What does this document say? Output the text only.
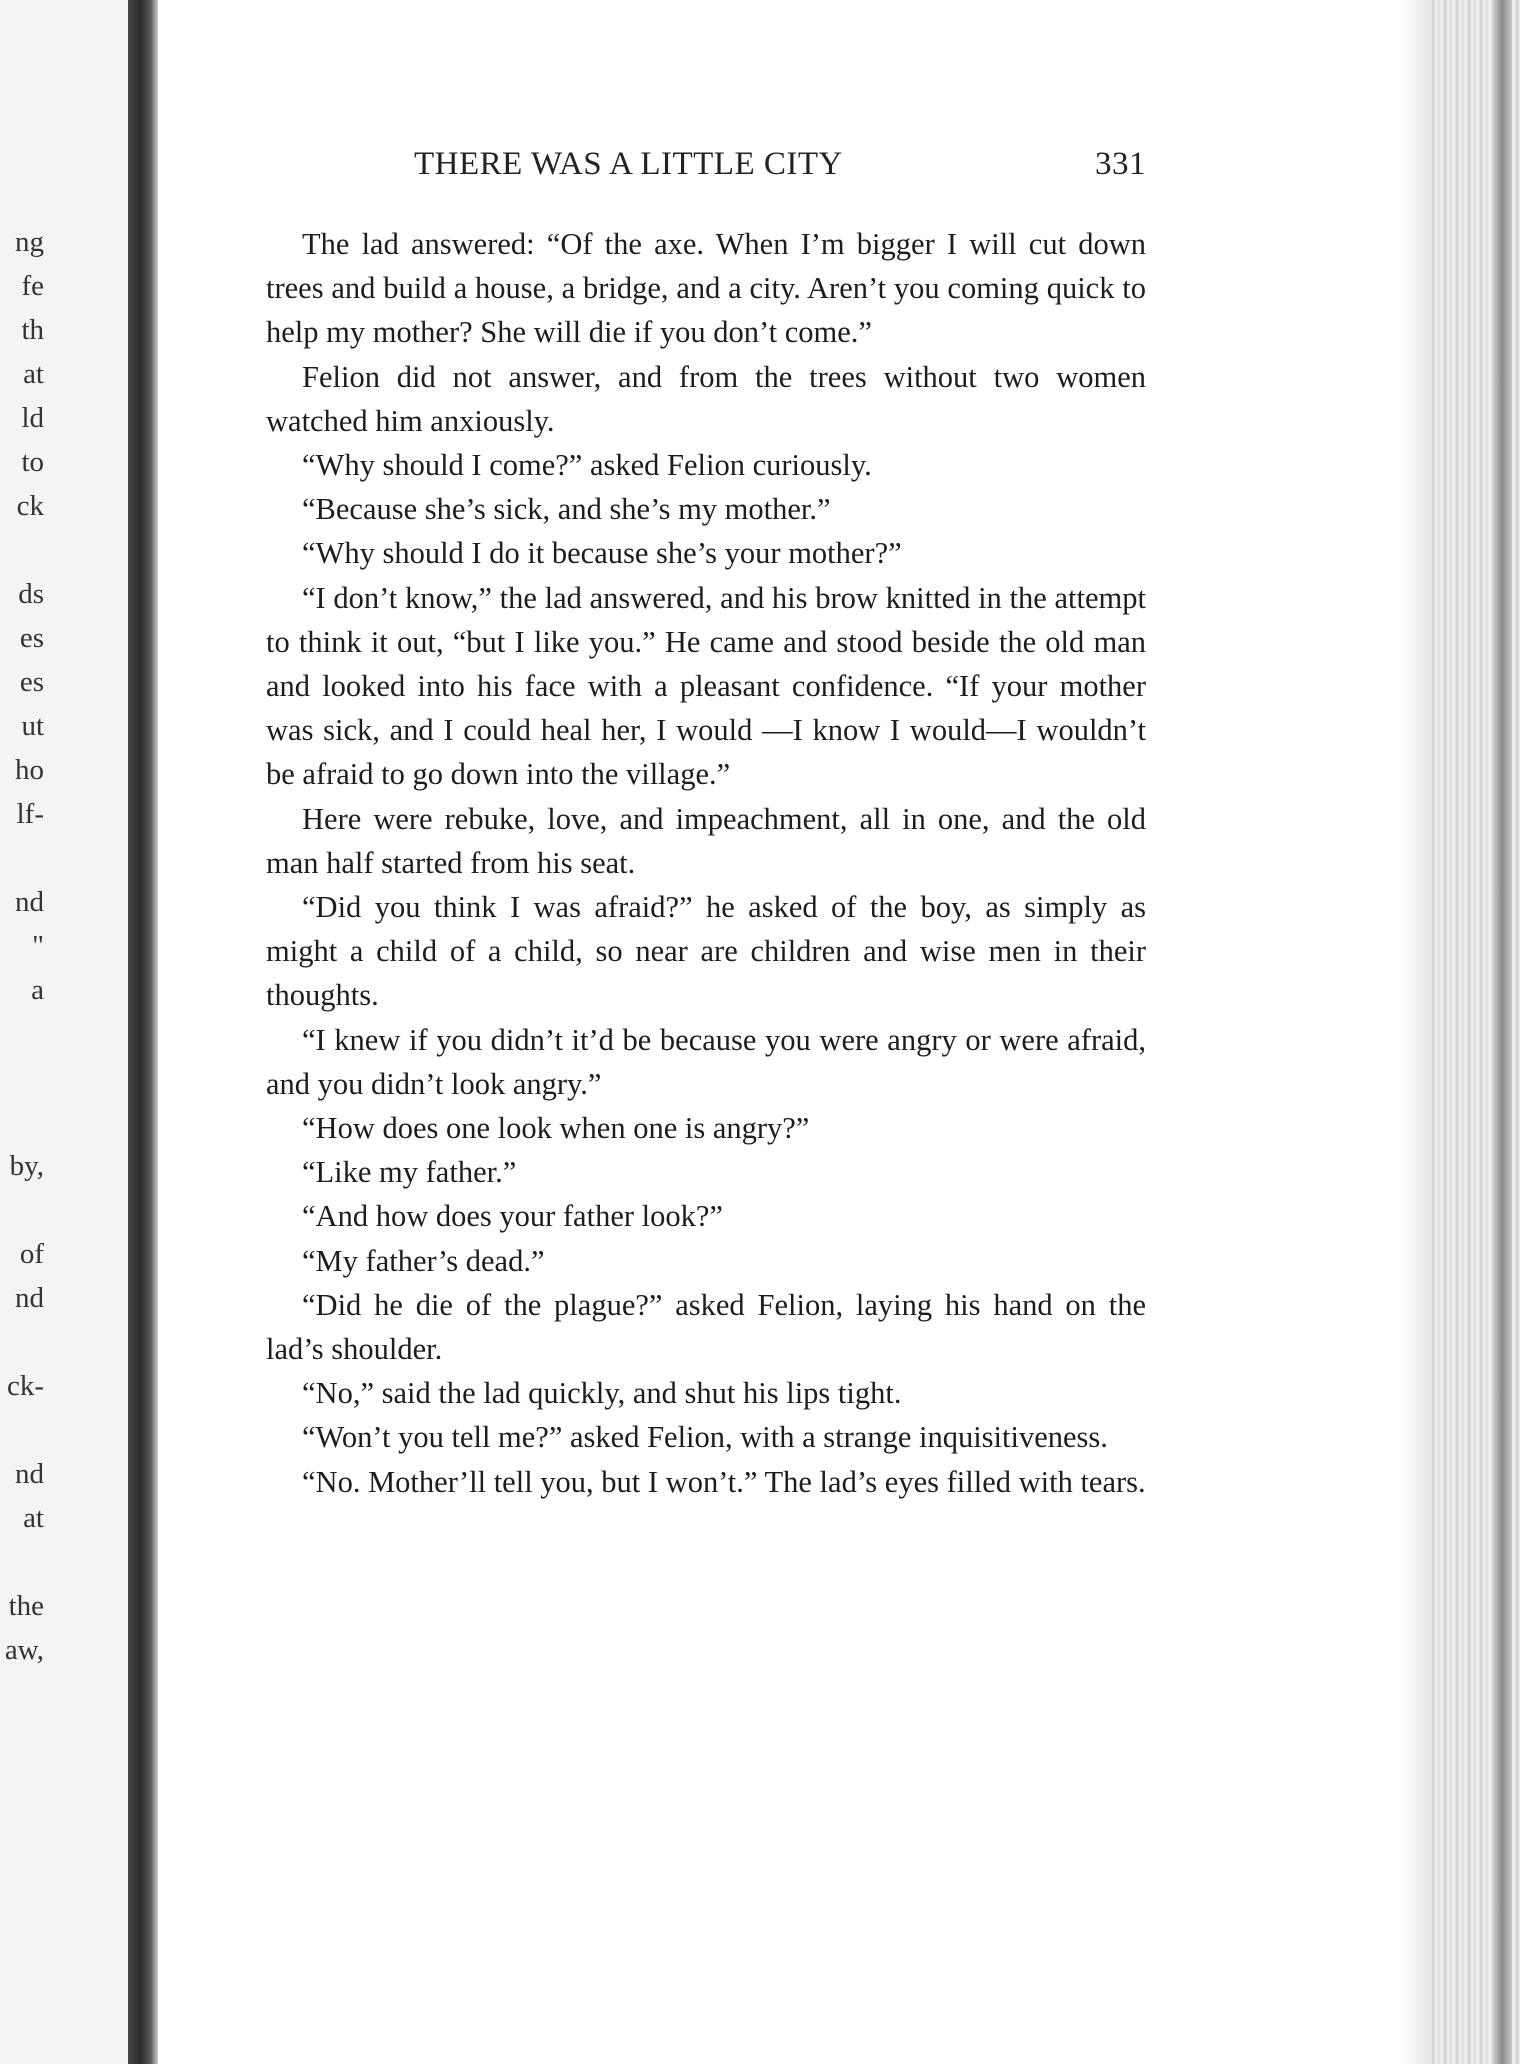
ng
fe
th
at
ld
to
ck
ds
es
es
ut
ho
lf-
nd
"
a
by,
of
nd
ck-
nd
at
the
aw,
THERE WAS A LITTLE CITY	331

The lad answered: “Of the axe. When I’m bigger I will cut down trees and build a house, a bridge, and a city. Aren’t you coming quick to help my mother? She will die if you don’t come.”

Felion did not answer, and from the trees without two women watched him anxiously.

“Why should I come?” asked Felion curiously.

“Because she’s sick, and she’s my mother.”

“Why should I do it because she’s your mother?”

“I don’t know,” the lad answered, and his brow knitted in the attempt to think it out, “but I like you.” He came and stood beside the old man and looked into his face with a pleasant confidence. “If your mother was sick, and I could heal her, I would —I know I would—I wouldn’t be afraid to go down into the village.”

Here were rebuke, love, and impeachment, all in one, and the old man half started from his seat.

“Did you think I was afraid?” he asked of the boy, as simply as might a child of a child, so near are children and wise men in their thoughts.

“I knew if you didn’t it’d be because you were angry or were afraid, and you didn’t look angry.”

“How does one look when one is angry?”

“Like my father.”

“And how does your father look?”

“My father’s dead.”

“Did he die of the plague?” asked Felion, laying his hand on the lad’s shoulder.

“No,” said the lad quickly, and shut his lips tight.

“Won’t you tell me?” asked Felion, with a strange inquisitiveness.

“No. Mother’ll tell you, but I won’t.” The lad’s eyes filled with tears.
